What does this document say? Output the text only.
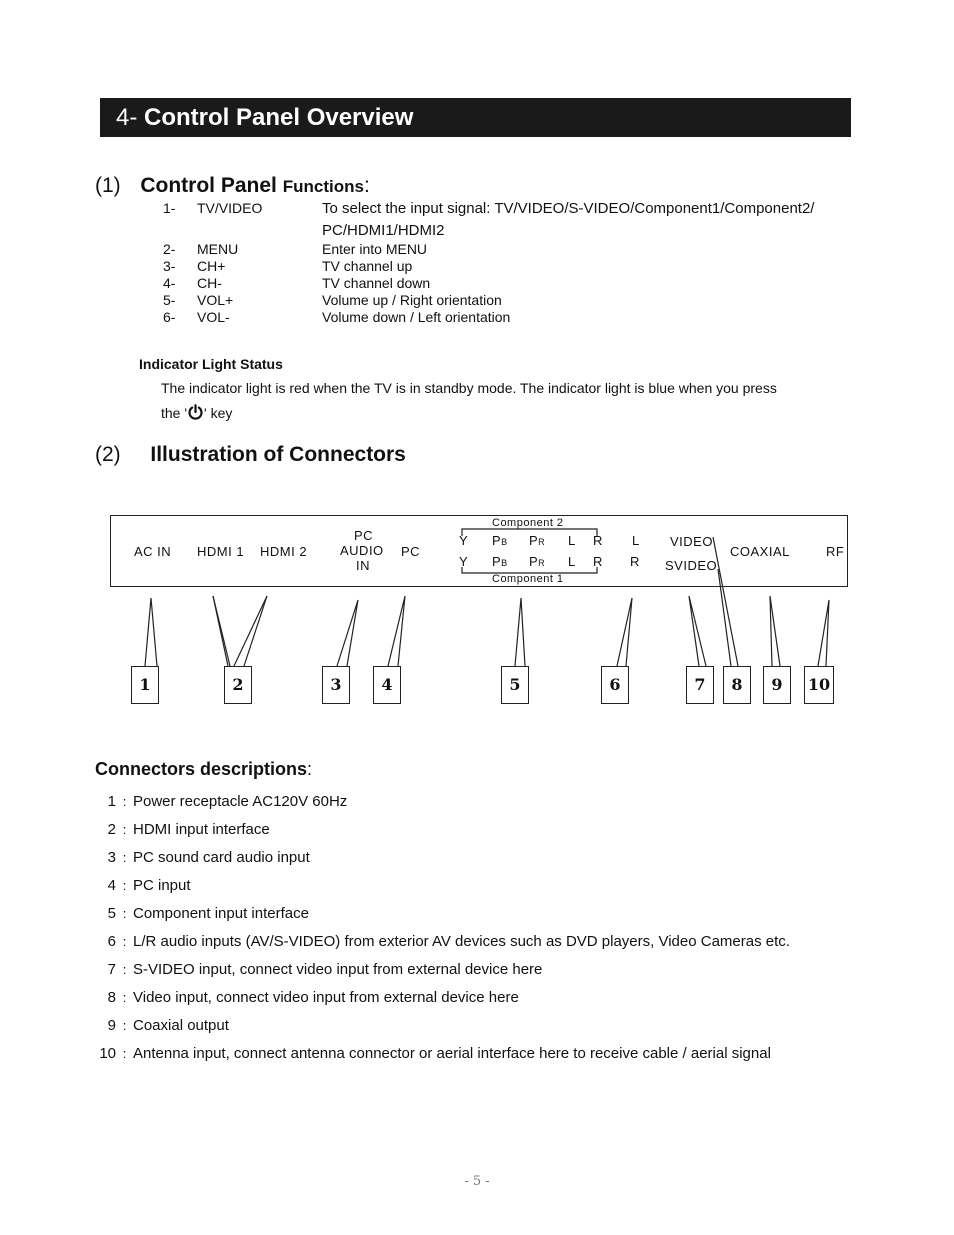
4- Control Panel Overview
(1) Control Panel Functions:
1- TV/VIDEO	To select the input signal: TV/VIDEO/S-VIDEO/Component1/Component2/
PC/HDMI1/HDMI2
2- MENU	Enter into MENU
3- CH+	TV channel up
4- CH-	TV channel down
5- VOL+	Volume up / Right orientation
6- VOL-	Volume down / Left orientation
Indicator Light Status
The indicator light is red when the TV is in standby mode. The indicator light is blue when you press
the ' ' key
(2) Illustration of Connectors
AC IN HDMI 1 HDMI 2
PC
AUDIO
IN
PC
Component 2
Y PB PR L R
Y PB PR L R
Component 1
L
R
VIDEO
SVIDEO
COAXIAL	RF
1	2	3	4	5	6	7	8	9	10
Connectors descriptions:
1 : Power receptacle AC120V 60Hz
2 : HDMI input interface
3 : PC sound card audio input
4 : PC input
5 : Component input interface
6 : L/R audio inputs (AV/S-VIDEO) from exterior AV devices such as DVD players, Video Cameras etc.
7 : S-VIDEO input, connect video input from external device here
8 : Video input, connect video input from external device here
9 : Coaxial output
10 : Antenna input, connect antenna connector or aerial interface here to receive cable / aerial signal
- 5 -
